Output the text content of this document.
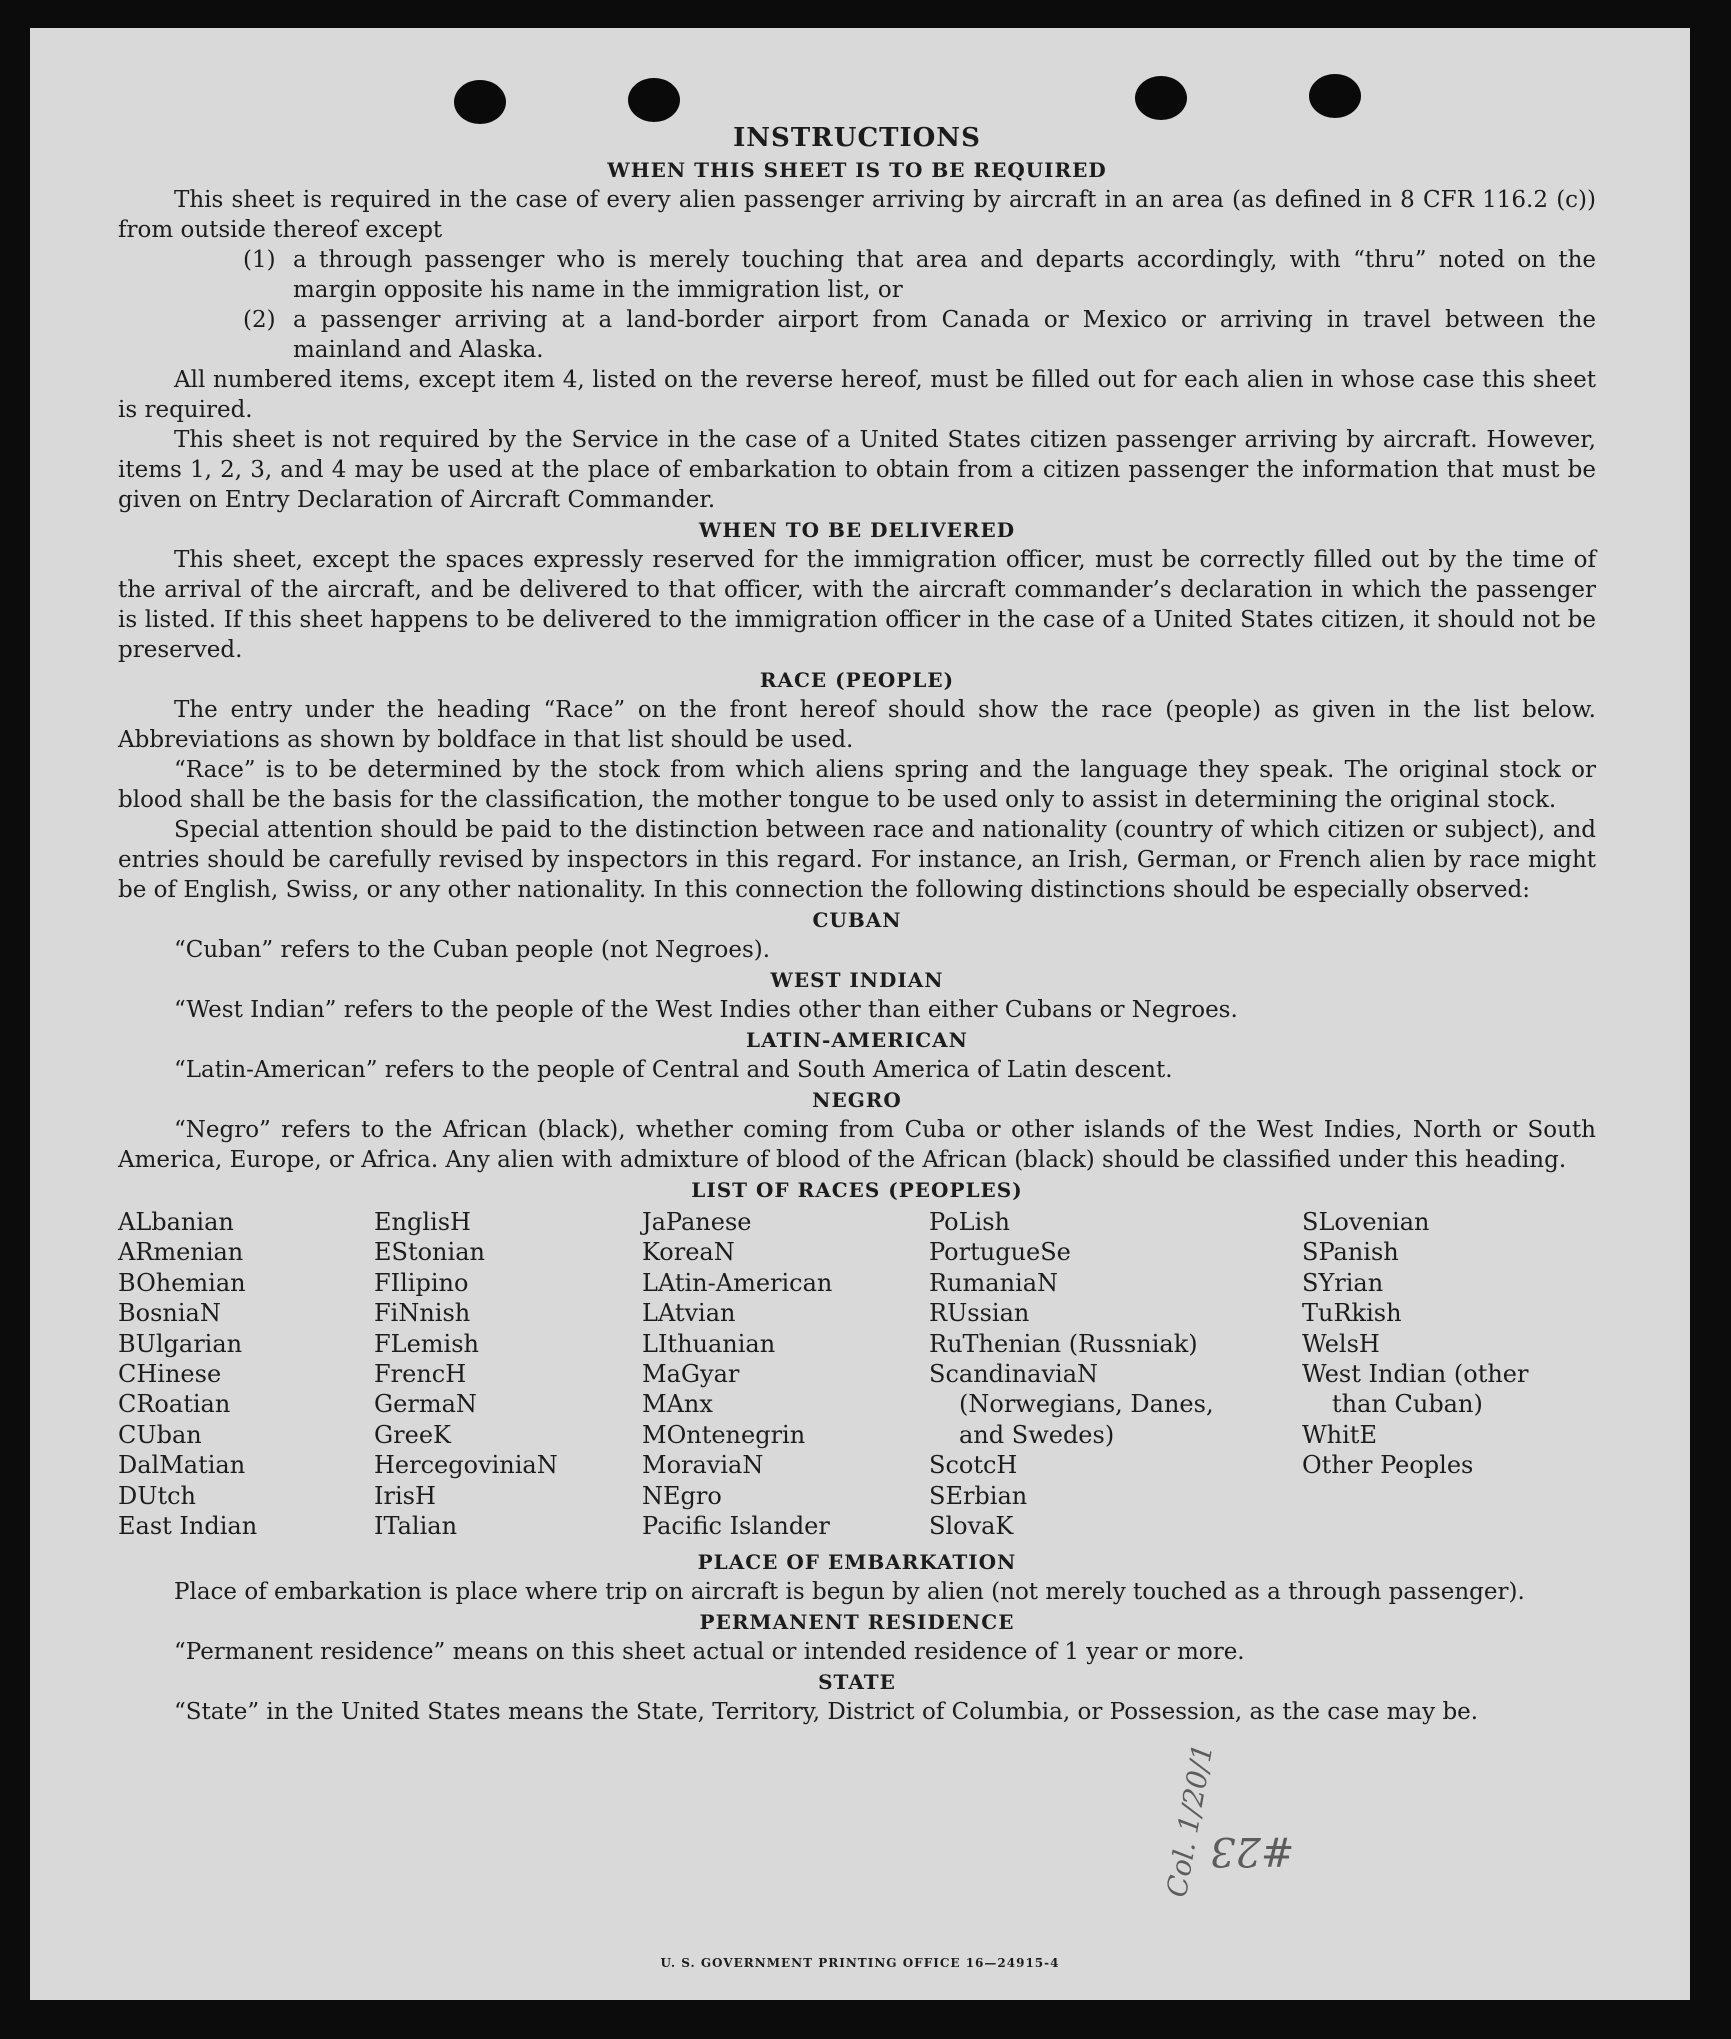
INSTRUCTIONS
WHEN THIS SHEET IS TO BE REQUIRED

This sheet is required in the case of every alien passenger arriving by aircraft in an area (as defined in 8 CFR 116.2 (c)) from outside thereof except

(1) a through passenger who is merely touching that area and departs accordingly, with “thru” noted on the margin opposite his name in the immigration list, or
(2) a passenger arriving at a land-border airport from Canada or Mexico or arriving in travel between the mainland and Alaska.

All numbered items, except item 4, listed on the reverse hereof, must be filled out for each alien in whose case this sheet is required.

This sheet is not required by the Service in the case of a United States citizen passenger arriving by aircraft. However, items 1, 2, 3, and 4 may be used at the place of embarkation to obtain from a citizen passenger the information that must be given on Entry Declaration of Aircraft Commander.

WHEN TO BE DELIVERED

This sheet, except the spaces expressly reserved for the immigration officer, must be correctly filled out by the time of the arrival of the aircraft, and be delivered to that officer, with the aircraft commander’s declaration in which the passenger is listed. If this sheet happens to be delivered to the immigration officer in the case of a United States citizen, it should not be preserved.

RACE (PEOPLE)

The entry under the heading “Race” on the front hereof should show the race (people) as given in the list below. Abbreviations as shown by boldface in that list should be used.

“Race” is to be determined by the stock from which aliens spring and the language they speak. The original stock or blood shall be the basis for the classification, the mother tongue to be used only to assist in determining the original stock.

Special attention should be paid to the distinction between race and nationality (country of which citizen or subject), and entries should be carefully revised by inspectors in this regard. For instance, an Irish, German, or French alien by race might be of English, Swiss, or any other nationality. In this connection the following distinctions should be especially observed:

CUBAN

“Cuban” refers to the Cuban people (not Negroes).

WEST INDIAN

“West Indian” refers to the people of the West Indies other than either Cubans or Negroes.

LATIN-AMERICAN

“Latin-American” refers to the people of Central and South America of Latin descent.

NEGRO

“Negro” refers to the African (black), whether coming from Cuba or other islands of the West Indies, North or South America, Europe, or Africa. Any alien with admixture of blood of the African (black) should be classified under this heading.

LIST OF RACES (PEOPLES)
ALbanian
ARmenian
BOhemian
BosniaN
BUlgarian
CHinese
CRoatian
CUban
DalMatian
DUtch
East Indian
EnglisH
EStonian
FIlipino
FiNnish
FLemish
FrencH
GermaN
GreeK
HercegoviniaN
IrisH
ITalian
JaPanese
KoreaN
LAtin-American
LAtvian
LIthuanian
MaGyar
MAnx
MOntenegrin
MoraviaN
NEgro
Pacific Islander
PoLish
PortugueSe
RumaniaN
RUssian
RuThenian (Russniak)
ScandinaviaN (Norwegians, Danes, and Swedes)
ScotcH
SErbian
SlovaK
SLovenian
SPanish
SYrian
TuRkish
WelsH
West Indian (other than Cuban)
WhitE
Other Peoples
PLACE OF EMBARKATION

Place of embarkation is place where trip on aircraft is begun by alien (not merely touched as a through passenger).

PERMANENT RESIDENCE

“Permanent residence” means on this sheet actual or intended residence of 1 year or more.

STATE

“State” in the United States means the State, Territory, District of Columbia, or Possession, as the case may be.

#23
Col. 1/20/1
U. S. GOVERNMENT PRINTING OFFICE 16—24915-4
